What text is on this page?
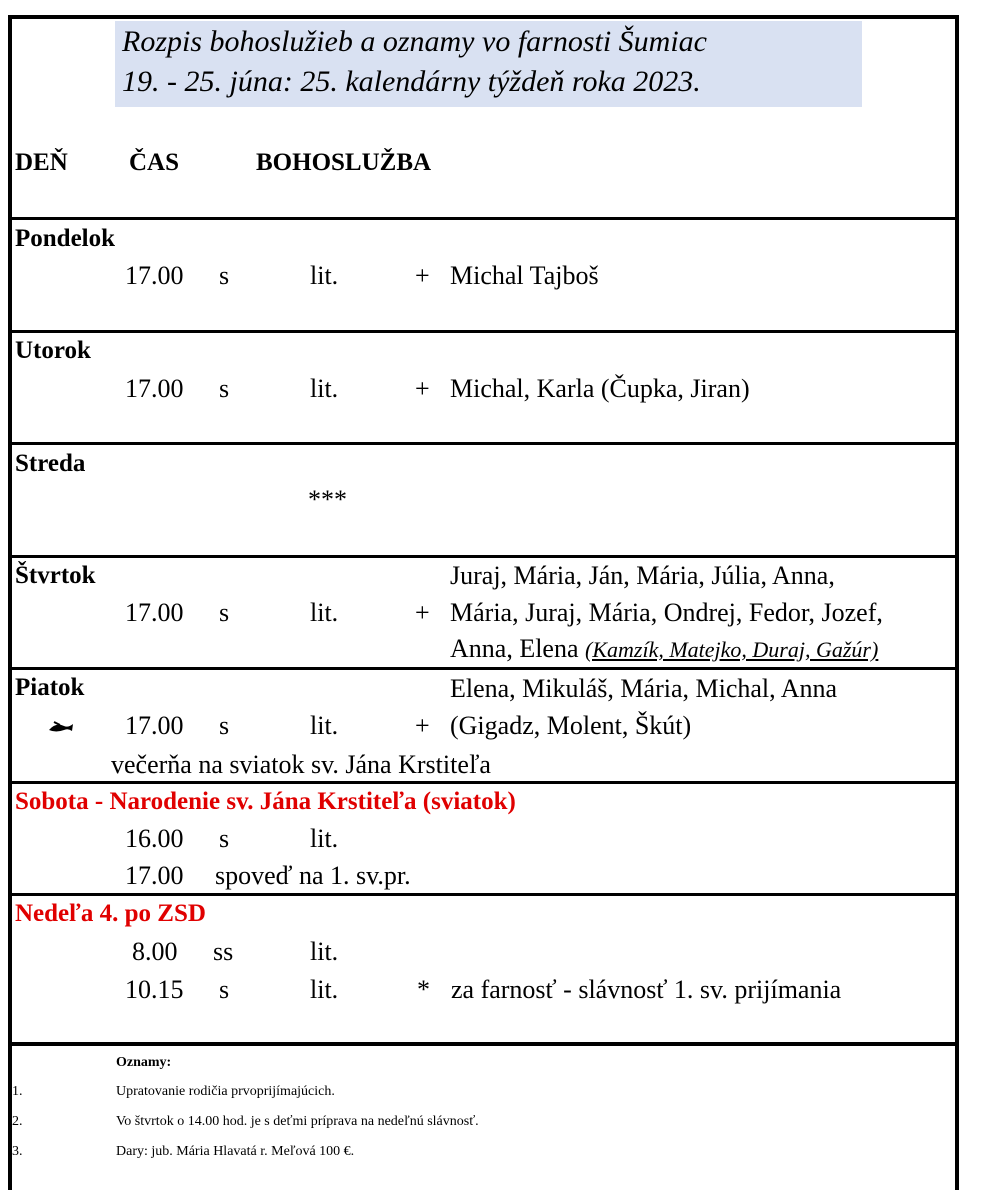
Rozpis bohoslužieb a oznamy vo farnosti Šumiac
19. - 25. júna: 25. kalendárny týždeň roka 2023.
DEŇ ČAS	BOHOSLUŽBA
Pondelok
17.00 s	lit.	+ Michal Tajboš
Utorok
17.00 s	lit.	+ Michal, Karla (Čupka, Jiran)
Streda
***
Štvrtok	Juraj, Mária, Ján, Mária, Júlia, Anna,
17.00 s	lit.	+ Mária, Juraj, Mária, Ondrej, Fedor, Jozef,
Anna, Elena (Kamzík, Matejko, Duraj, Gažúr)
Piatok	Elena, Mikuláš, Mária, Michal, Anna
17.00 s	lit.	+ (Gigadz, Molent, Škút)
večerňa na sviatok sv. Jána Krstiteľa
Sobota - Narodenie sv. Jána Krstiteľa (sviatok)
16.00 s	lit.
17.00 spoveď na 1. sv.pr.
Nedeľa 4. po ZSD
8.00 ss	lit.
10.15 s	lit.	* za farnosť - slávnosť 1. sv. prijímania
Oznamy:
1.	Upratovanie rodičia prvoprijímajúcich.
2.	Vo štvrtok o 14.00 hod. je s deťmi príprava na nedeľnú slávnosť.
3.	Dary: jub. Mária Hlavatá r. Meľová 100 €.
